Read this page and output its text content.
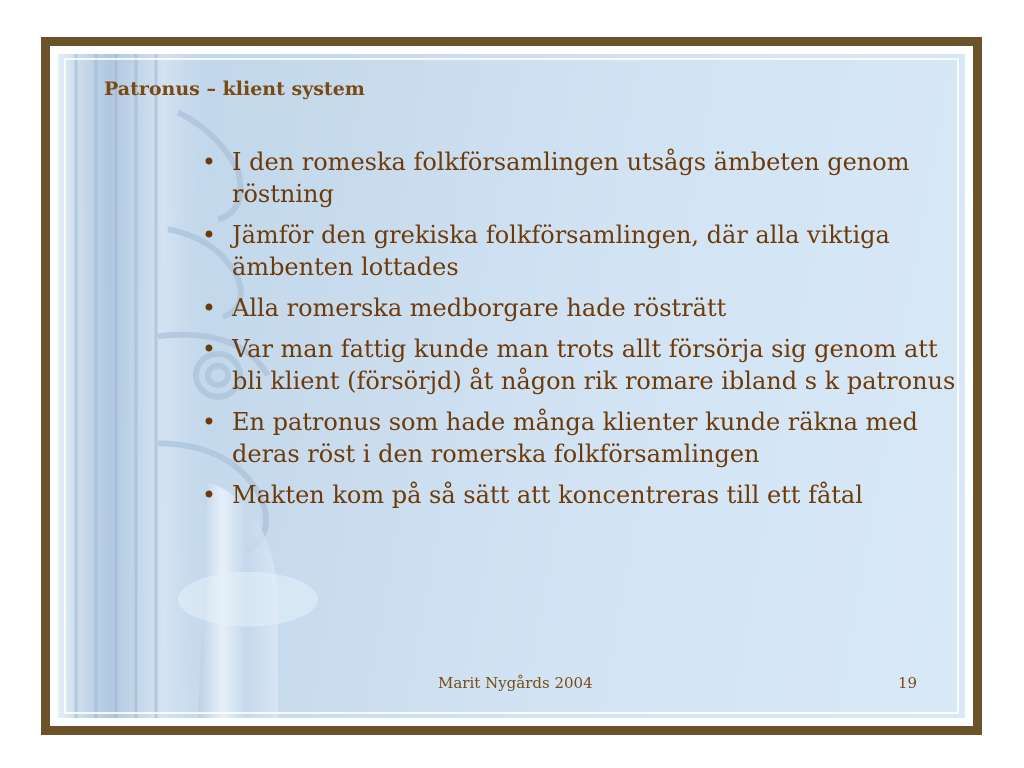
Patronus – klient system
• I den romeska folkförsamlingen utsågs ämbeten genom röstning
• Jämför den grekiska folkförsamlingen, där alla viktiga ämbenten lottades
• Alla romerska medborgare hade rösträtt
• Var man fattig kunde man trots allt försörja sig genom att bli klient (försörjd) åt någon rik romare ibland s k patronus
• En patronus som hade många klienter kunde räkna med deras röst i den romerska folkförsamlingen
• Makten kom på så sätt att koncentreras till ett fåtal
Marit Nygårds 2004	19
